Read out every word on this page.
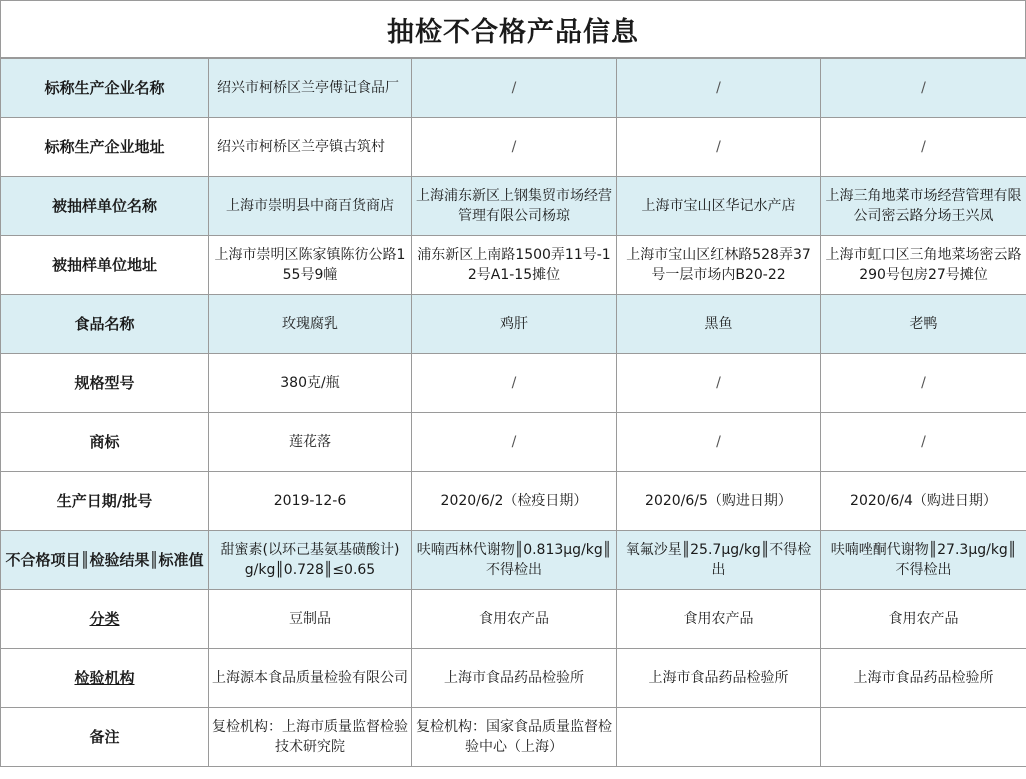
抽检不合格产品信息
标称生产企业名称	绍兴市柯桥区兰亭傅记食品厂	/	/	/
标称生产企业地址	绍兴市柯桥区兰亭镇古筑村	/	/	/
被抽样单位名称	上海市崇明县中商百货商店	上海浦东新区上钢集贸市场经营管理有限公司杨琼	上海市宝山区华记水产店	上海三角地菜市场经营管理有限公司密云路分场王兴凤
被抽样单位地址	上海市崇明区陈家镇陈彷公路155号9幢	浦东新区上南路1500弄11号-12号A1-15摊位	上海市宝山区红林路528弄37号一层市场内B20-22	上海市虹口区三角地菜场密云路290号包房27号摊位
食品名称	玫瑰腐乳	鸡肝	黑鱼	老鸭
规格型号	380克/瓶	/	/	/
商标	莲花落	/	/	/
生产日期/批号	2019-12-6	2020/6/2（检疫日期）	2020/6/5（购进日期）	2020/6/4（购进日期）
不合格项目║检验结果║标准值	甜蜜素(以环己基氨基磺酸计) g/kg║0.728║≤0.65	呋喃西林代谢物║0.813μg/kg║不得检出	氧氟沙星║25.7μg/kg║不得检出	呋喃唑酮代谢物║27.3μg/kg║不得检出
分类	豆制品	食用农产品	食用农产品	食用农产品
检验机构	上海源本食品质量检验有限公司	上海市食品药品检验所	上海市食品药品检验所	上海市食品药品检验所
备注	复检机构：上海市质量监督检验技术研究院	复检机构：国家食品质量监督检验中心（上海）		
